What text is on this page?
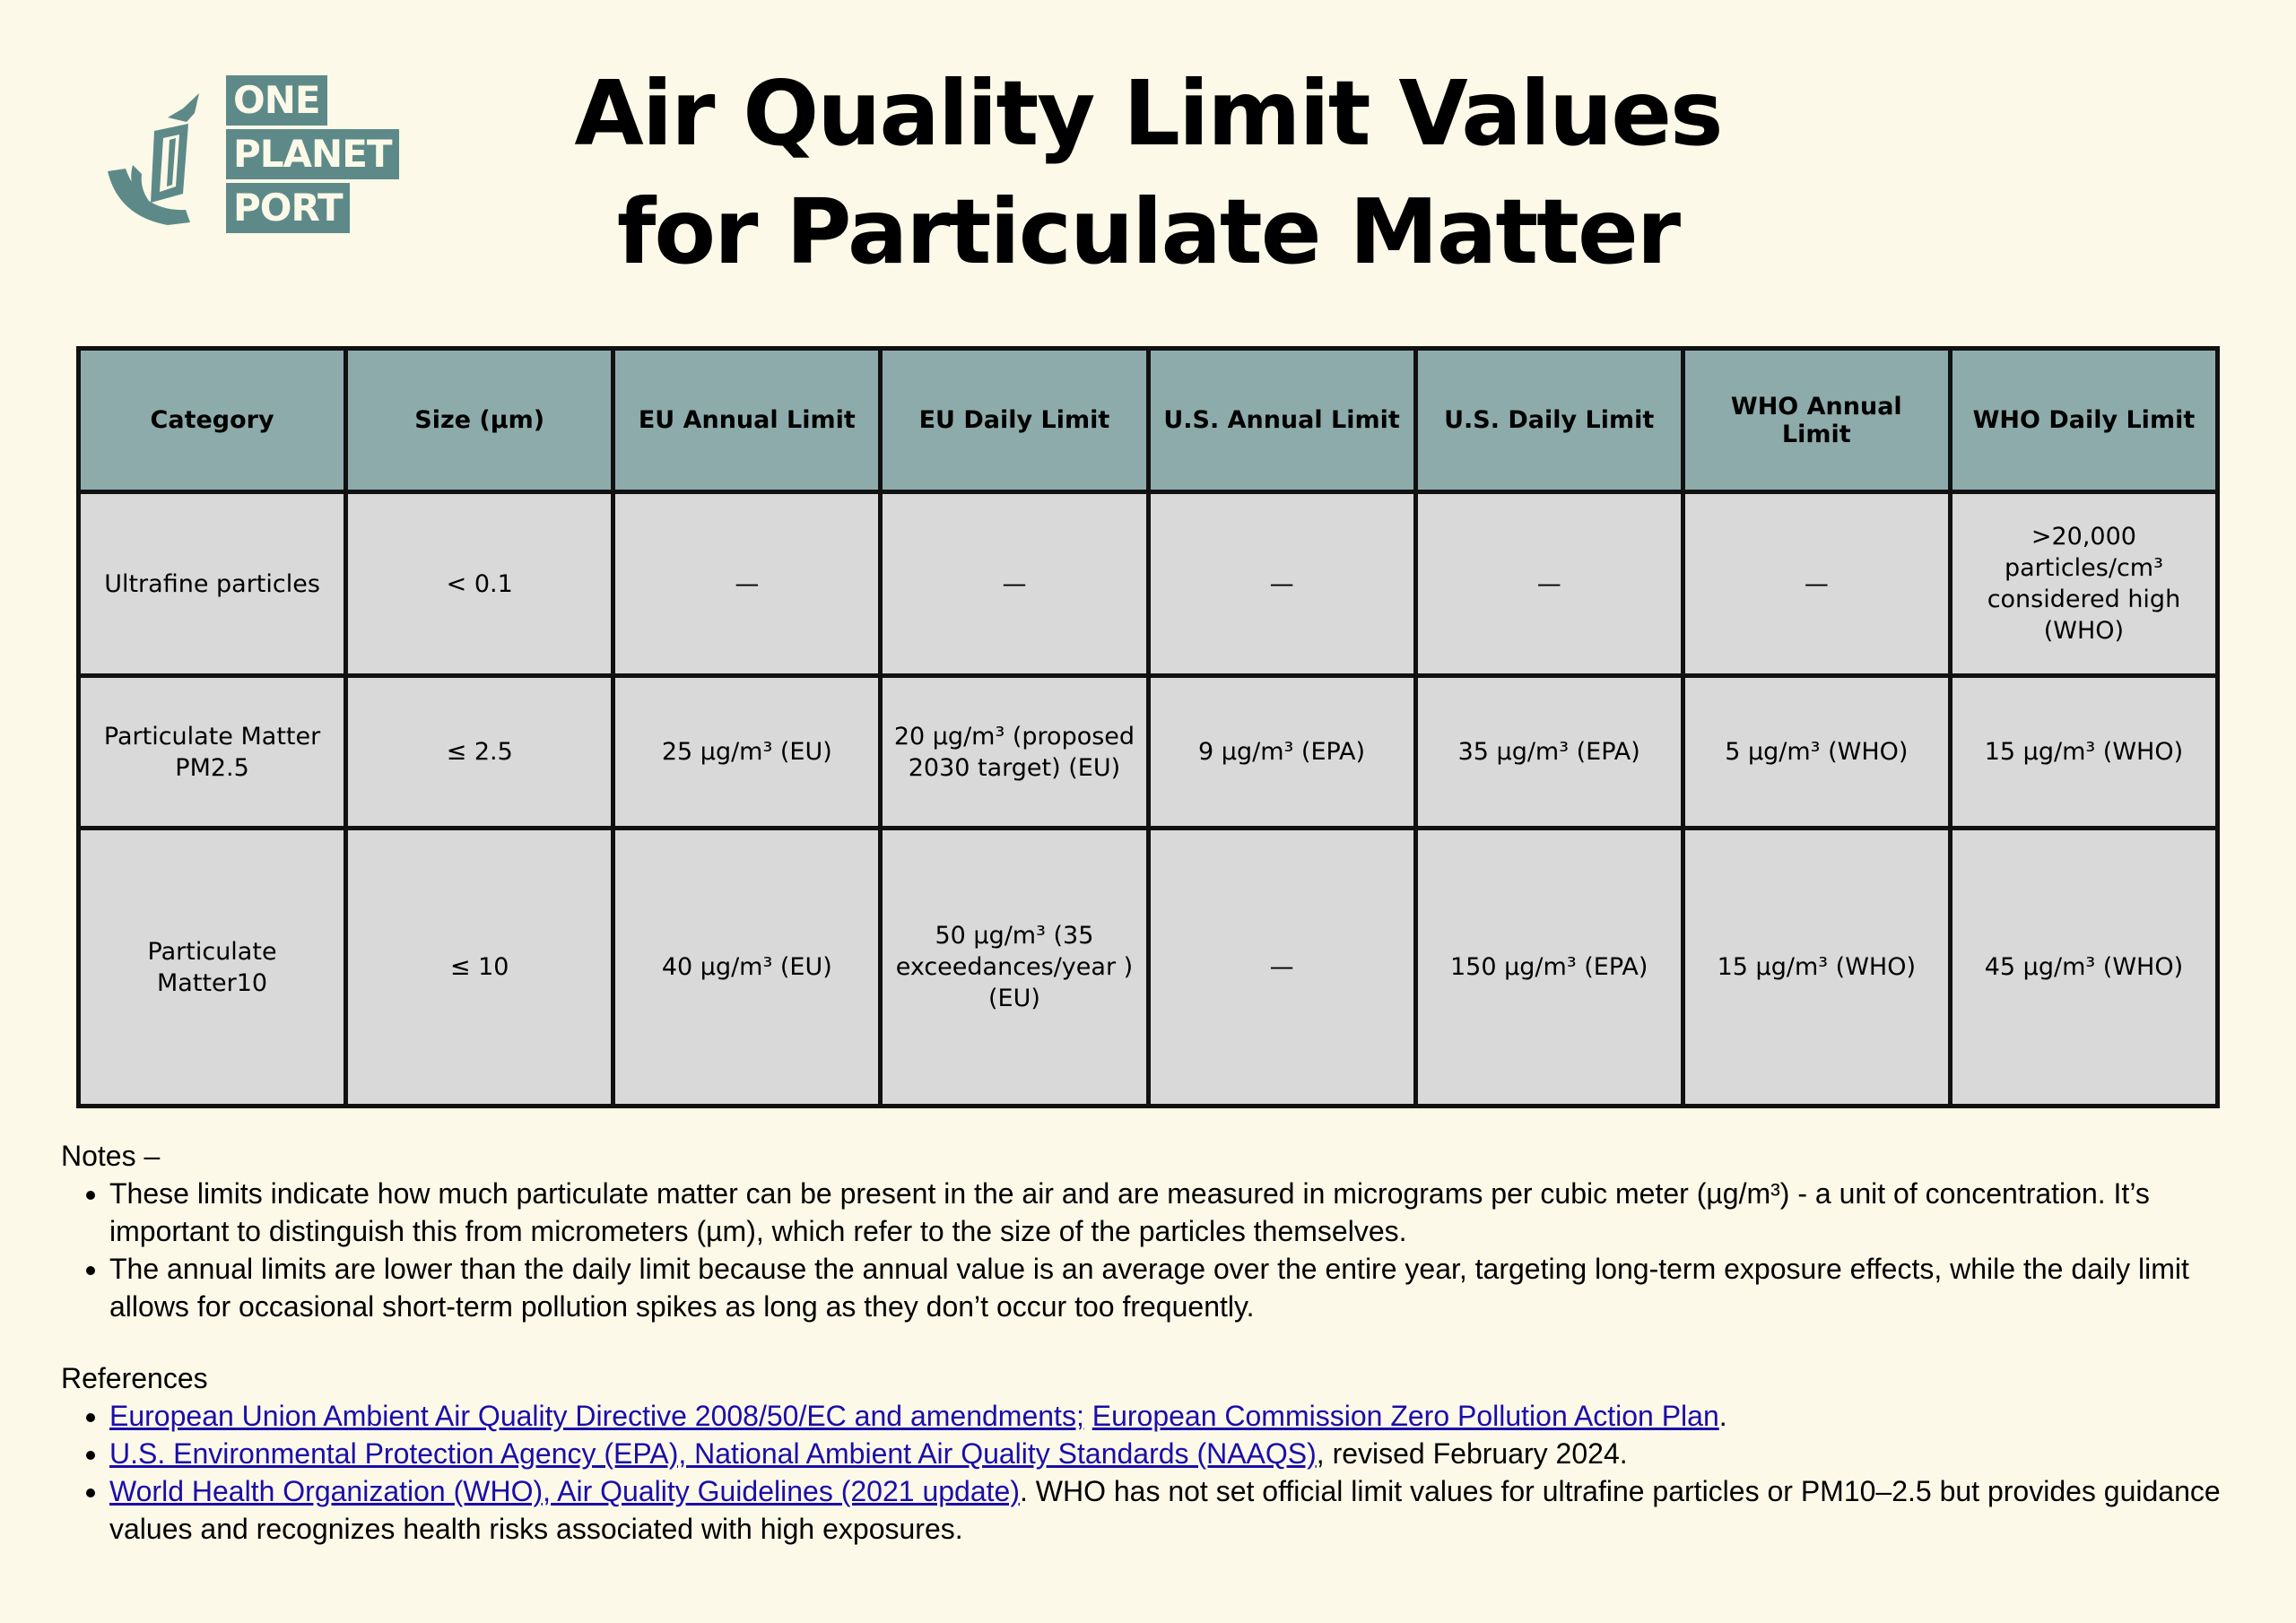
ONE
PLANET
PORT
Air Quality Limit Values
for Particulate Matter
Category	Size (µm)	EU Annual Limit	EU Daily Limit	U.S. Annual Limit	U.S. Daily Limit	WHO Annual Limit	WHO Daily Limit
Ultrafine particles	< 0.1	—	—	—	—	—	>20,000 particles/cm³ considered high (WHO)
Particulate Matter PM2.5	≤ 2.5	25 µg/m³ (EU)	20 µg/m³ (proposed 2030 target) (EU)	9 µg/m³ (EPA)	35 µg/m³ (EPA)	5 µg/m³ (WHO)	15 µg/m³ (WHO)
Particulate Matter10	≤ 10	40 µg/m³ (EU)	50 µg/m³ (35 exceedances/year ) (EU)	—	150 µg/m³ (EPA)	15 µg/m³ (WHO)	45 µg/m³ (WHO)
Notes –
• These limits indicate how much particulate matter can be present in the air and are measured in micrograms per cubic meter (µg/m³) - a unit of concentration. It’s important to distinguish this from micrometers (µm), which refer to the size of the particles themselves.
• The annual limits are lower than the daily limit because the annual value is an average over the entire year, targeting long-term exposure effects, while the daily limit allows for occasional short-term pollution spikes as long as they don’t occur too frequently.
References
• European Union Ambient Air Quality Directive 2008/50/EC and amendments; European Commission Zero Pollution Action Plan.
• U.S. Environmental Protection Agency (EPA), National Ambient Air Quality Standards (NAAQS), revised February 2024.
• World Health Organization (WHO), Air Quality Guidelines (2021 update). WHO has not set official limit values for ultrafine particles or PM10–2.5 but provides guidance values and recognizes health risks associated with high exposures.
